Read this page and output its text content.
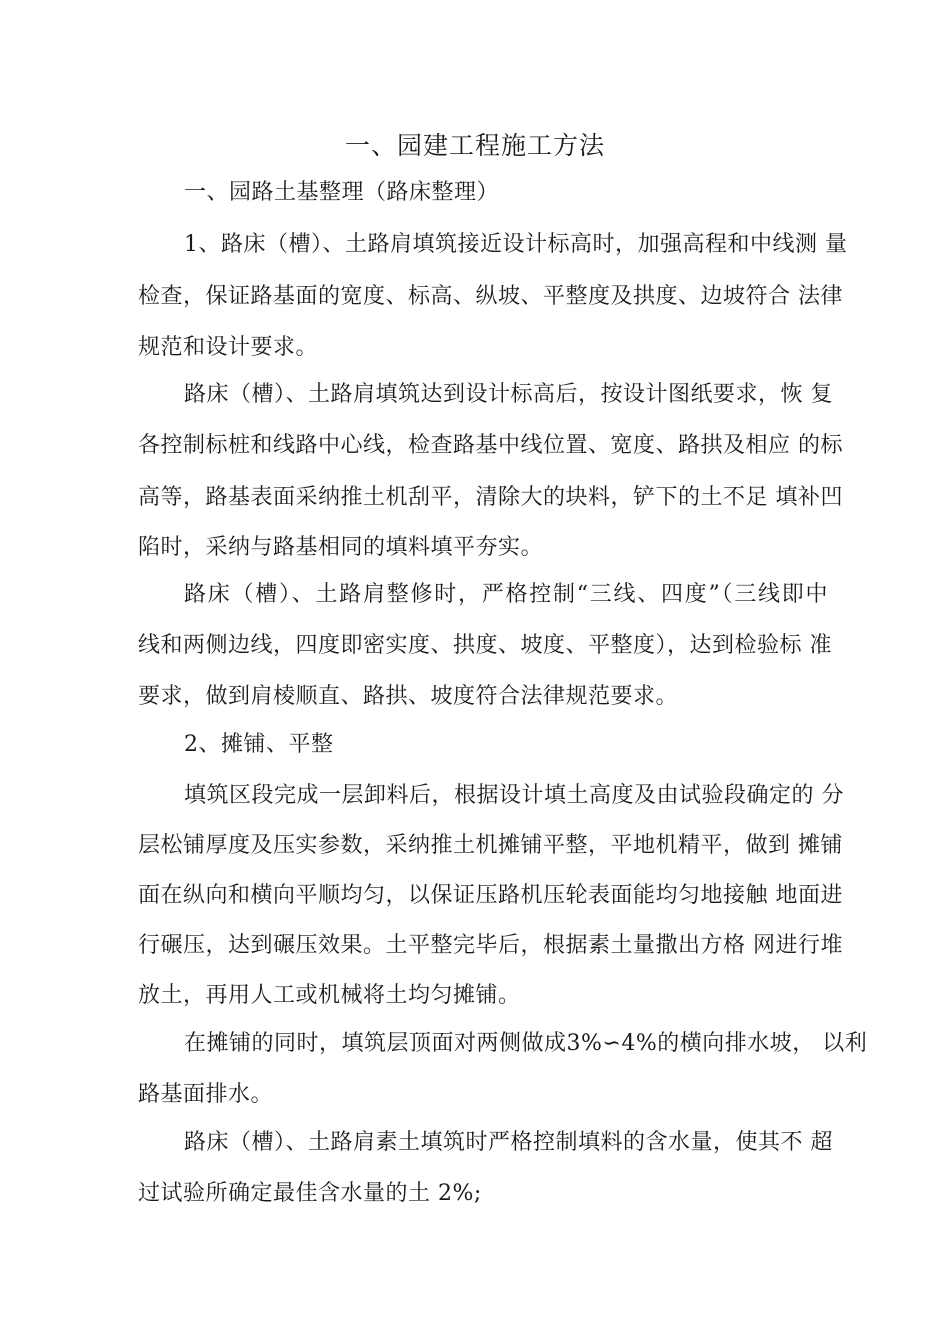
一、园建工程施工方法
一、园路土基整理（路床整理）
1、路床（槽）、土路肩填筑接近设计标高时，加强高程和中线测 量
检查，保证路基面的宽度、标高、纵坡、平整度及拱度、边坡符合 法律
规范和设计要求。
路床（槽）、土路肩填筑达到设计标高后，按设计图纸要求，恢 复
各控制标桩和线路中心线，检查路基中线位置、宽度、路拱及相应 的标
高等，路基表面采纳推土机刮平，清除大的块料，铲下的土不足 填补凹
陷时，采纳与路基相同的填料填平夯实。
路床（槽）、土路肩整修时，严格控制“三线、四度”（三线即中
线和两侧边线，四度即密实度、拱度、坡度、平整度），达到检验标 准
要求，做到肩棱顺直、路拱、坡度符合法律规范要求。
2、摊铺、平整
填筑区段完成一层卸料后，根据设计填土高度及由试验段确定的 分
层松铺厚度及压实参数，采纳推土机摊铺平整，平地机精平，做到 摊铺
面在纵向和横向平顺均匀，以保证压路机压轮表面能均匀地接触 地面进
行碾压，达到碾压效果。土平整完毕后，根据素土量撒出方格 网进行堆
放土，再用人工或机械将土均匀摊铺。
在摊铺的同时，填筑层顶面对两侧做成3%∽4%的横向排水坡， 以利
路基面排水。
路床（槽）、土路肩素土填筑时严格控制填料的含水量，使其不 超
过试验所确定最佳含水量的土 2%;
